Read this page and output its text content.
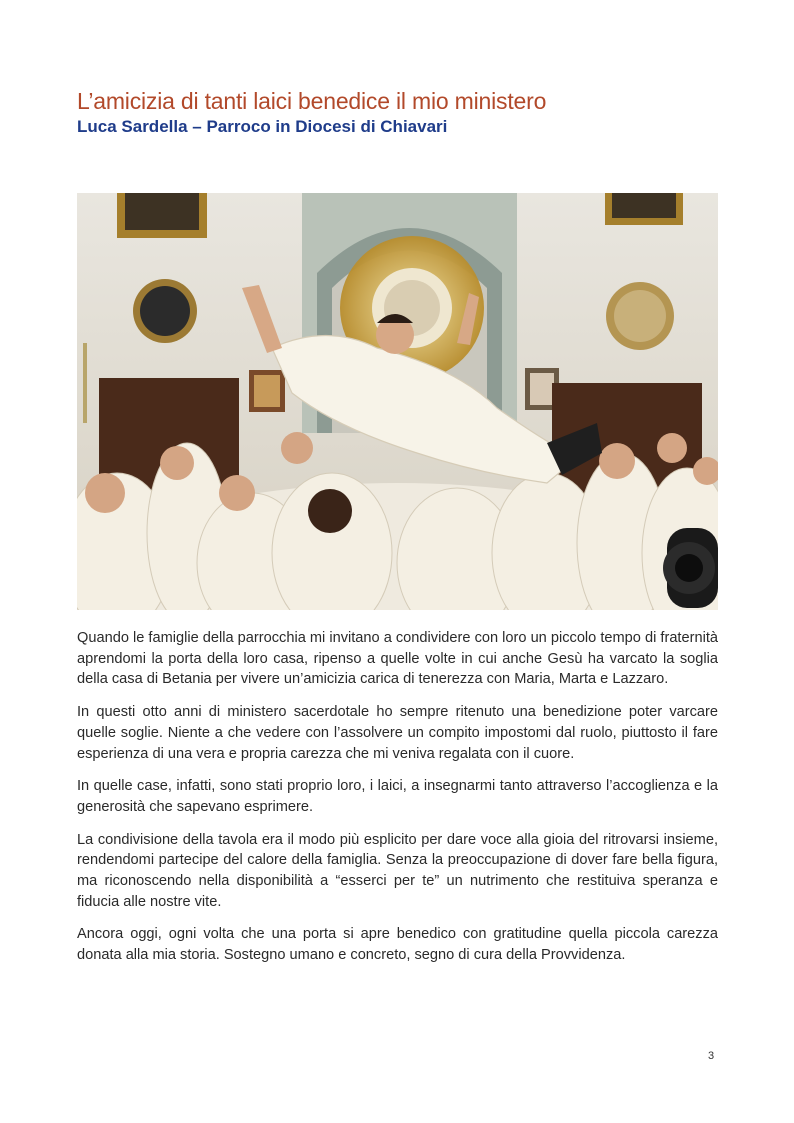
L’amicizia di tanti laici benedice il mio ministero
Luca Sardella – Parroco in Diocesi di Chiavari

Quando le famiglie della parrocchia mi invitano a condividere con loro un piccolo tempo di fraternità aprendomi la porta della loro casa, ripenso a quelle volte in cui anche Gesù ha varcato la soglia della casa di Betania per vivere un’amicizia carica di tenerezza con Maria, Marta e Lazzaro.

In questi otto anni di ministero sacerdotale ho sempre ritenuto una benedizione poter varcare quelle soglie. Niente a che vedere con l’assolvere un compito impostomi dal ruolo, piuttosto il fare esperienza di una vera e propria carezza che mi veniva regalata con il cuore.

In quelle case, infatti, sono stati proprio loro, i laici, a insegnarmi tanto attraverso l’accoglienza e la generosità che sapevano esprimere.

La condivisione della tavola era il modo più esplicito per dare voce alla gioia del ritrovarsi insieme, rendendomi partecipe del calore della famiglia. Senza la preoccupazione di dover fare bella figura, ma riconoscendo nella disponibilità a “esserci per te” un nutrimento che restituiva speranza e fiducia alle nostre vite.

Ancora oggi, ogni volta che una porta si apre benedico con gratitudine quella piccola carezza donata alla mia storia. Sostegno umano e concreto, segno di cura della Provvidenza.

3
